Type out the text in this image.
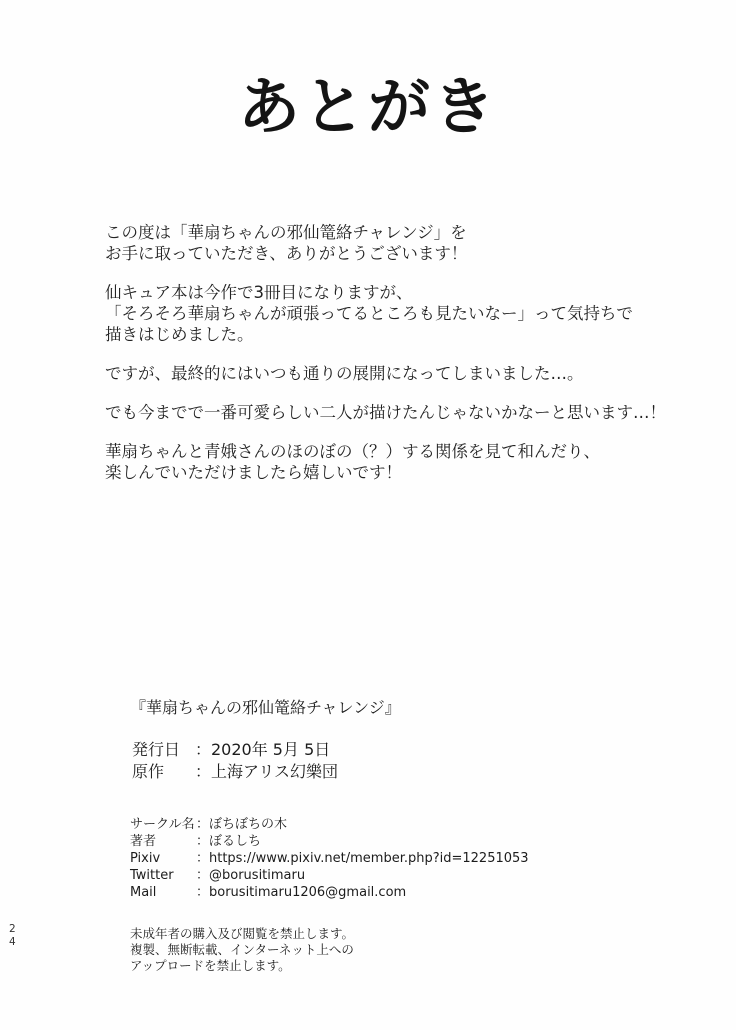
あとがき

この度は「華扇ちゃんの邪仙篭絡チャレンジ」を
お手に取っていただき、ありがとうございます！

仙キュア本は今作で3冊目になりますが、
「そろそろ華扇ちゃんが頑張ってるところも見たいなー」って気持ちで
描きはじめました。

ですが、最終的にはいつも通りの展開になってしまいました…。

でも今までで一番可愛らしい二人が描けたんじゃないかなーと思います…！

華扇ちゃんと青娥さんのほのぼの（？）する関係を見て和んだり、
楽しんでいただけましたら嬉しいです！

『華扇ちゃんの邪仙篭絡チャレンジ』
発行日 ：2020年 5月 5日
原作	：上海アリス幻樂団
サークル名 ：ぼちぼちの木
著者	：ぼるしち
Pixiv	：https://www.pixiv.net/member.php?id=12251053
Twitter	：@borusitimaru
Mail	：borusitimaru1206@gmail.com
未成年者の購入及び閲覧を禁止します。
複製、無断転載、インターネット上への
アップロードを禁止します。
24
